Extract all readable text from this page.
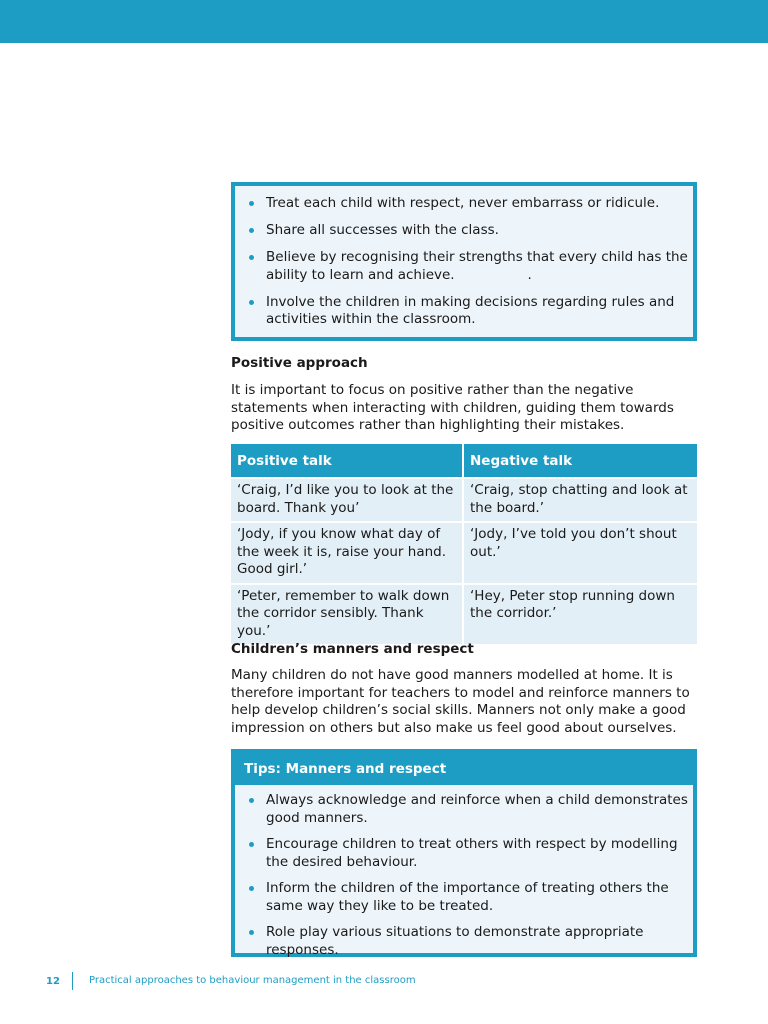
Treat each child with respect, never embarrass or ridicule.
Share all successes with the class.
Believe by recognising their strengths that every child has the ability to learn and achieve.                 .
Involve the children in making decisions regarding rules and activities within the classroom.
Positive approach

It is important to focus on positive rather than the negative statements when interacting with children, guiding them towards positive outcomes rather than highlighting their mistakes.

Positive talk	Negative talk
‘Craig, I’d like you to look at the board. Thank you’	‘Craig, stop chatting and look at the board.’
‘Jody, if you know what day of the week it is, raise your hand. Good girl.’	‘Jody, I’ve told you don’t shout out.’
‘Peter, remember to walk down the corridor sensibly. Thank you.’	‘Hey, Peter stop running down the corridor.’
Children’s manners and respect

Many children do not have good manners modelled at home. It is therefore important for teachers to model and reinforce manners to help develop children’s social skills. Manners not only make a good impression on others but also make us feel good about ourselves.

Tips: Manners and respect
Always acknowledge and reinforce when a child demonstrates good manners.
Encourage children to treat others with respect by modelling the desired behaviour.
Inform the children of the importance of treating others the same way they like to be treated.
Role play various situations to demonstrate appropriate responses.
12	Practical approaches to behaviour management in the classroom
